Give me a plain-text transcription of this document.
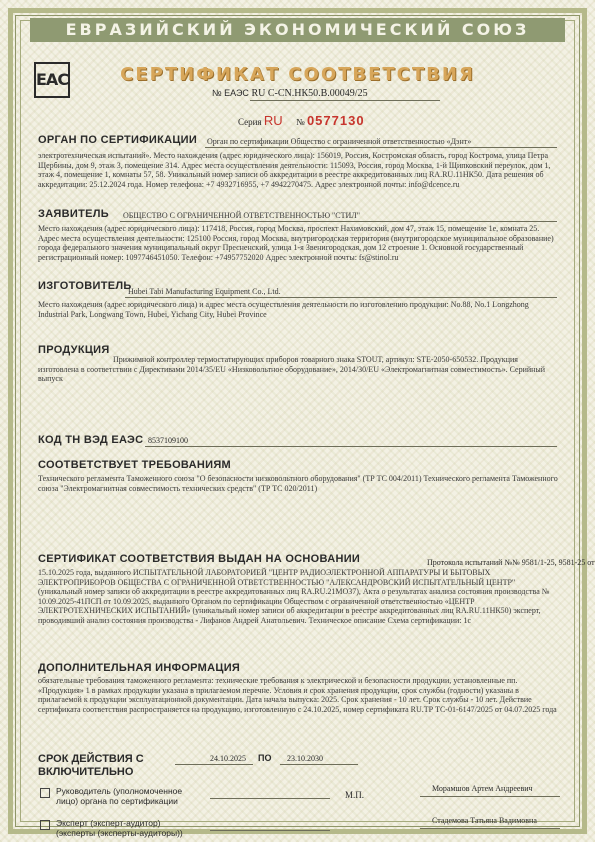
ЕВРАЗИЙСКИЙ ЭКОНОМИЧЕСКИЙ СОЮЗ
EAC	СЕРТИФИКАТ СООТВЕТСТВИЯ
№ ЕАЭС RU С-CN.НК50.В.00049/25
Серия RU № 0577130
ОРГАН ПО СЕРТИФИКАЦИИ Орган по сертификации Общество с ограниченной ответственностью «Дэнт»
электротехническая испытаний». Место нахождения (адрес юридического лица): 156019, Россия, Костромская область, город Кострома, улица Петра Щербины, дом 9, этаж 3, помещение 314. Адрес места осуществления деятельности: 115093, Россия, город Москва, 1-й Щипковский переулок, дом 1, этаж 4, помещение 1, комнаты 57, 58. Уникальный номер записи об аккредитации в реестре аккредитованных лиц RA.RU.11НК50. Дата решения об аккредитации: 25.12.2024 года. Номер телефона: +7 4932716955, +7 4942270475. Адрес электронной почты: info@dcence.ru
ЗАЯВИТЕЛЬ ОБЩЕСТВО С ОГРАНИЧЕННОЙ ОТВЕТСТВЕННОСТЬЮ "СТИЛ"
Место нахождения (адрес юридического лица): 117418, Россия, город Москва, проспект Нахимовский, дом 47, этаж 15, помещение 1е, комната 25. Адрес места осуществления деятельности: 125100 Россия, город Москва, внутригородская территория (внутригородское муниципальное образование) города федерального значения муниципальный округ Пресненский, улица 1-я Звенигородская, дом 12 строение 1. Основной государственный регистрационный номер: 1097746451050. Телефон: +74957752020 Адрес электронной почты: fs@stinol.ru
ИЗГОТОВИТЕЛЬ
Hubei Tabi Manufacturing Equipment Co., Ltd.
Место нахождения (адрес юридического лица) и адрес места осуществления деятельности по изготовлению продукции: No.88, No.1 Longzhong Industrial Park, Longwang Town, Hubei, Yichang City, Hubei Province
ПРОДУКЦИЯ
Прижимной контроллер термостатирующих приборов товарного знака STOUT, артикул: STE-2050-650532. Продукция изготовлена в соответствии с Директивами 2014/35/EU «Низковольтное оборудование», 2014/30/EU «Электромагнитная совместимость». Серийный выпуск
КОД ТН ВЭД ЕАЭС 8537109100
СООТВЕТСТВУЕТ ТРЕБОВАНИЯМ
Технического регламента Таможенного союза "О безопасности низковольтного оборудования" (ТР ТС 004/2011) Технического регламента Таможенного союза "Электромагнитная совместимость технических средств" (ТР ТС 020/2011)
СЕРТИФИКАТ СООТВЕТСТВИЯ ВЫДАН НА ОСНОВАНИИ	Протокола испытаний №№ 9581/1-25, 9581-25 от
15.10.2025 года, выданного ИСПЫТАТЕЛЬНОЙ ЛАБОРАТОРИЕЙ "ЦЕНТР РАДИОЭЛЕКТРОННОЙ АППАРАТУРЫ И БЫТОВЫХ ЭЛЕКТРОПРИБОРОВ ОБЩЕСТВА С ОГРАНИЧЕННОЙ ОТВЕТСТВЕННОСТЬЮ "АЛЕКСАНДРОВСКИЙ ИСПЫТАТЕЛЬНЫЙ ЦЕНТР" (уникальный номер записи об аккредитации в реестре аккредитованных лиц RA.RU.21МО37), Акта о результатах анализа состояния производства № 10.09.2025-41ПСП от 10.09.2025, выданного Органом по сертификации Обществом с ограниченной ответственностью «ЦЕНТР ЭЛЕКТРОТЕХНИЧЕСКИХ ИСПЫТАНИЙ» (уникальный номер записи об аккредитации в реестре аккредитованных лиц RA.RU.11НК50) эксперт, проводивший анализ состояния производства - Лифанов Андрей Анатольевич. Техническое описание Схема сертификации: 1с
ДОПОЛНИТЕЛЬНАЯ ИНФОРМАЦИЯ
обязательные требования таможенного регламента: технические требования к электрической и безопасности продукции, установленные пп. «Продукция» 1 в рамках продукции указана в прилагаемом перечне. Условия и срок хранения продукции, срок службы (годности) указаны в прилагаемой к продукции эксплуатационной документации. Дата начала выпуска: 2025. Срок хранения - 10 лет. Срок службы - 10 лет. Действие сертификата соответствия распространяется на продукцию, изготовленную с 24.10.2025, номер сертификата RU.ТР ТС-01-6147/2025 от 04.07.2025 года
СРОК ДЕЙСТВИЯ С
ВКЛЮЧИТЕЛЬНО
24.10.2025 ПО 23.10.2030
Руководитель (уполномоченное
лицо) органа по сертификации
Морамшов Артем Андреевич
М.П.
Эксперт (эксперт-аудитор)
(эксперты (эксперты-аудиторы))
Стадемова Татьяна Вадимовна
